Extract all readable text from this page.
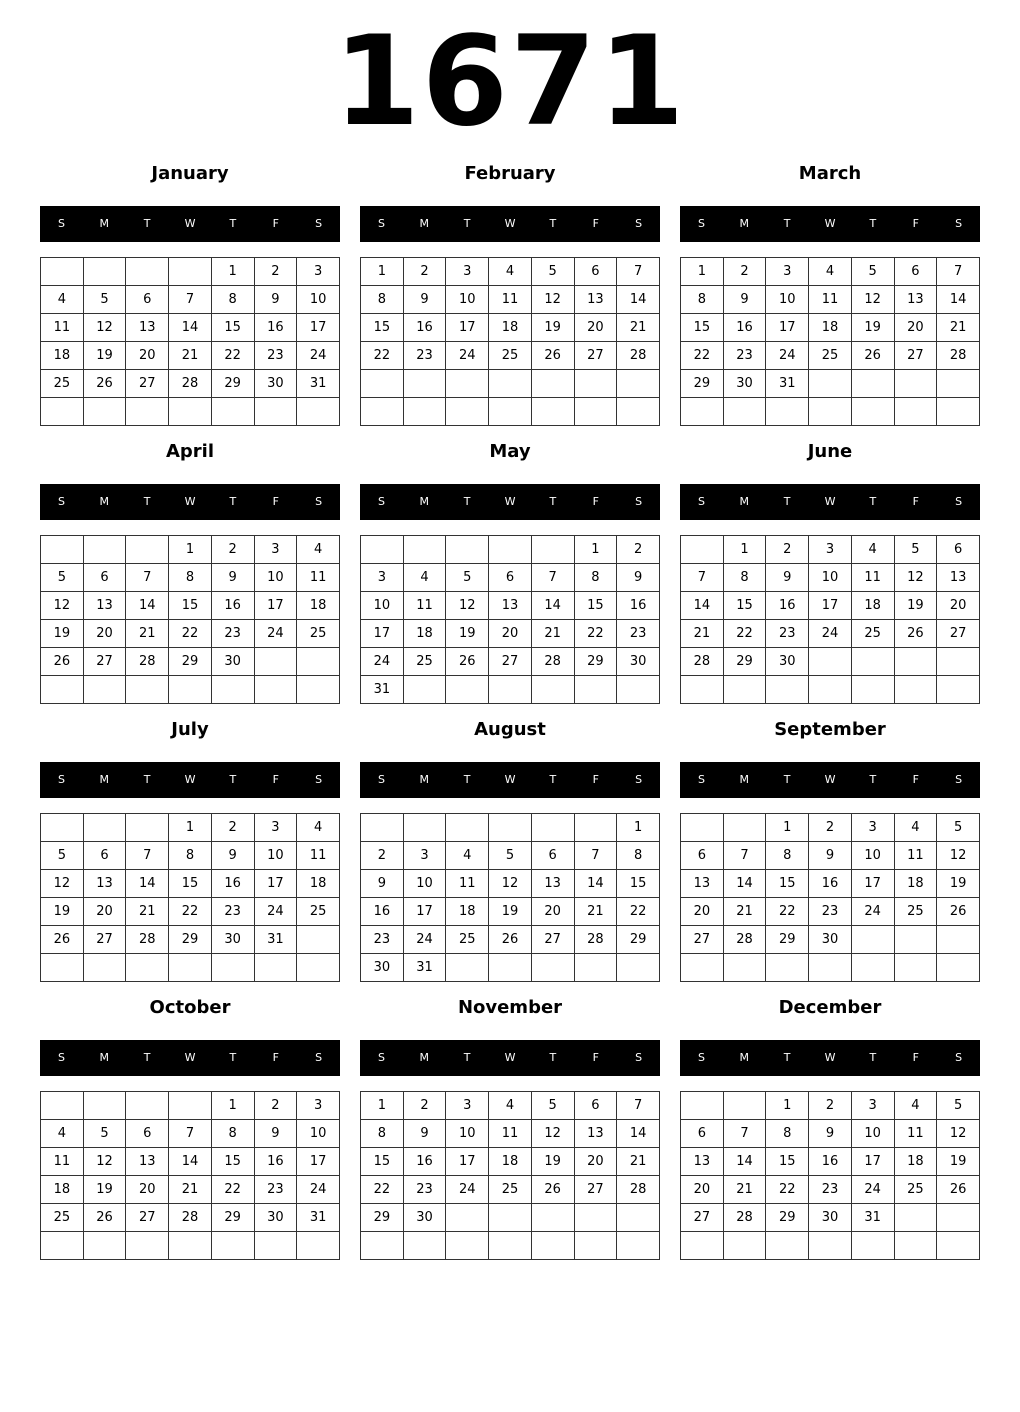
1671
January
S	M	T	W	T	F	S
				1	2	3
4	5	6	7	8	9	10
11	12	13	14	15	16	17
18	19	20	21	22	23	24
25	26	27	28	29	30	31

February
S	M	T	W	T	F	S
1	2	3	4	5	6	7
8	9	10	11	12	13	14
15	16	17	18	19	20	21
22	23	24	25	26	27	28

March
S	M	T	W	T	F	S
1	2	3	4	5	6	7
8	9	10	11	12	13	14
15	16	17	18	19	20	21
22	23	24	25	26	27	28
29	30	31				

April
S	M	T	W	T	F	S
			1	2	3	4
5	6	7	8	9	10	11
12	13	14	15	16	17	18
19	20	21	22	23	24	25
26	27	28	29	30		

May
S	M	T	W	T	F	S
					1	2
3	4	5	6	7	8	9
10	11	12	13	14	15	16
17	18	19	20	21	22	23
24	25	26	27	28	29	30
31						
June
S	M	T	W	T	F	S
	1	2	3	4	5	6
7	8	9	10	11	12	13
14	15	16	17	18	19	20
21	22	23	24	25	26	27
28	29	30				

July
S	M	T	W	T	F	S
			1	2	3	4
5	6	7	8	9	10	11
12	13	14	15	16	17	18
19	20	21	22	23	24	25
26	27	28	29	30	31	

August
S	M	T	W	T	F	S
						1
2	3	4	5	6	7	8
9	10	11	12	13	14	15
16	17	18	19	20	21	22
23	24	25	26	27	28	29
30	31					
September
S	M	T	W	T	F	S
		1	2	3	4	5
6	7	8	9	10	11	12
13	14	15	16	17	18	19
20	21	22	23	24	25	26
27	28	29	30			

October
S	M	T	W	T	F	S
				1	2	3
4	5	6	7	8	9	10
11	12	13	14	15	16	17
18	19	20	21	22	23	24
25	26	27	28	29	30	31

November
S	M	T	W	T	F	S
1	2	3	4	5	6	7
8	9	10	11	12	13	14
15	16	17	18	19	20	21
22	23	24	25	26	27	28
29	30					

December
S	M	T	W	T	F	S
		1	2	3	4	5
6	7	8	9	10	11	12
13	14	15	16	17	18	19
20	21	22	23	24	25	26
27	28	29	30	31		
